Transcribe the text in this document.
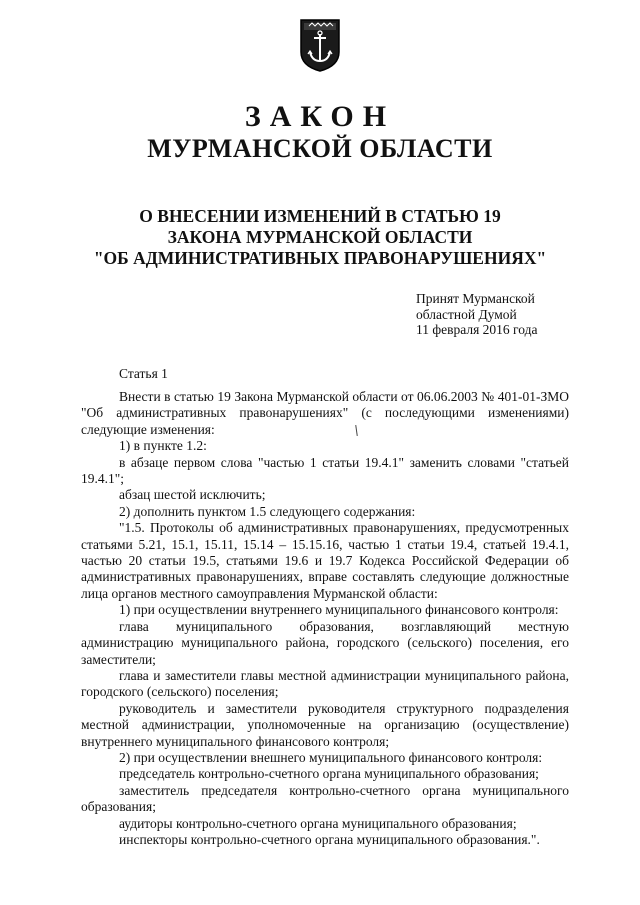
ЗАКОН
МУРМАНСКОЙ ОБЛАСТИ
О ВНЕСЕНИИ ИЗМЕНЕНИЙ В СТАТЬЮ 19
ЗАКОНА МУРМАНСКОЙ ОБЛАСТИ
"ОБ АДМИНИСТРАТИВНЫХ ПРАВОНАРУШЕНИЯХ"
Принят Мурманской
областной Думой
11 февраля 2016 года
Статья 1

Внести в статью 19 Закона Мурманской области от 06.06.2003 № 401-01-ЗМО "Об административных правонарушениях" (с последующими изменениями) следующие изменения:

1) в пункте 1.2:

в абзаце первом слова "частью 1 статьи 19.4.1" заменить словами "статьей 19.4.1";

абзац шестой исключить;

2) дополнить пунктом 1.5 следующего содержания:

"1.5. Протоколы об административных правонарушениях, предусмотренных статьями 5.21, 15.1, 15.11, 15.14 – 15.15.16, частью 1 статьи 19.4, статьей 19.4.1, частью 20 статьи 19.5, статьями 19.6 и 19.7 Кодекса Российской Федерации об административных правонарушениях, вправе составлять следующие должностные лица органов местного самоуправления Мурманской области:

1) при осуществлении внутреннего муниципального финансового контроля:

глава муниципального образования, возглавляющий местную администрацию муниципального района, городского (сельского) поселения, его заместители;

глава и заместители главы местной администрации муниципального района, городского (сельского) поселения;

руководитель и заместители руководителя структурного подразделения местной администрации, уполномоченные на организацию (осуществление) внутреннего муниципального финансового контроля;

2) при осуществлении внешнего муниципального финансового контроля:

председатель контрольно-счетного органа муниципального образования;

заместитель председателя контрольно-счетного органа муниципального образования;

аудиторы контрольно-счетного органа муниципального образования;

инспекторы контрольно-счетного органа муниципального образования.".
